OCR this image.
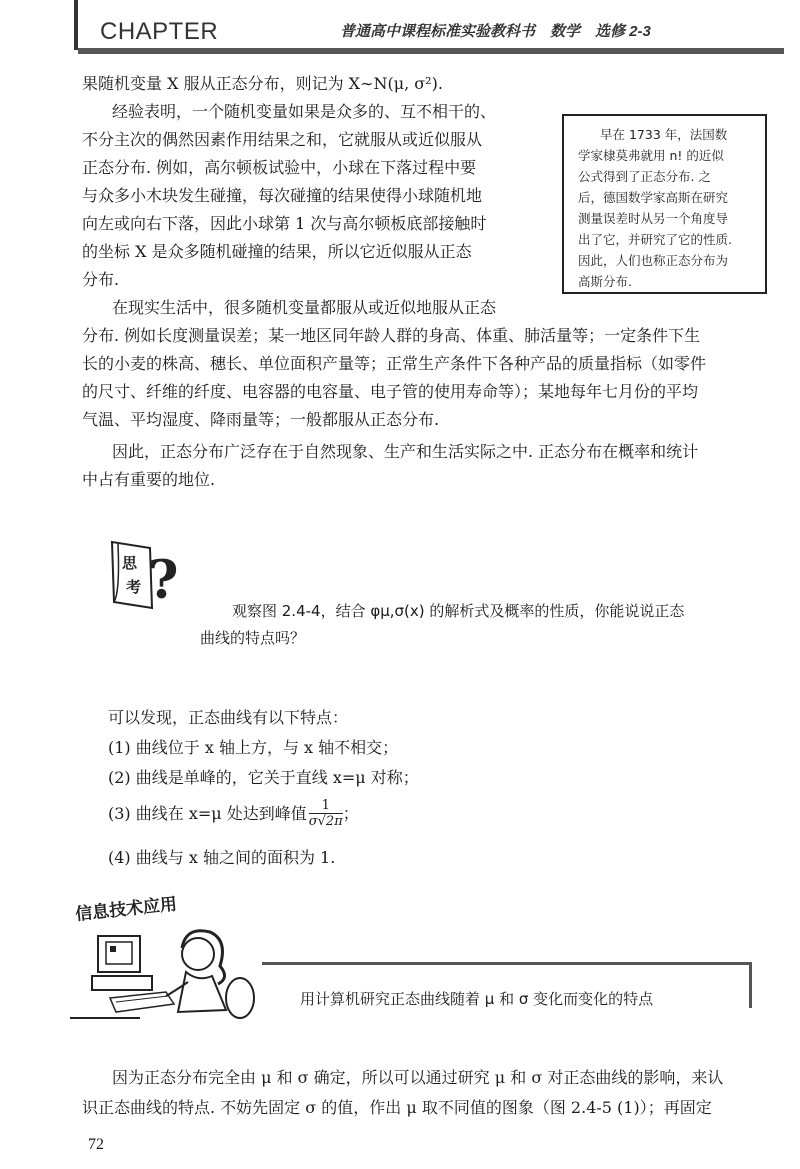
CHAPTER	普通高中课程标准实验教科书　数学　选修 2-3

果随机变量 X 服从正态分布，则记为 X∼N(μ, σ²).

经验表明，一个随机变量如果是众多的、互不相干的、

不分主次的偶然因素作用结果之和，它就服从或近似服从

正态分布. 例如，高尔顿板试验中，小球在下落过程中要

与众多小木块发生碰撞，每次碰撞的结果使得小球随机地

向左或向右下落，因此小球第 1 次与高尔顿板底部接触时

的坐标 X 是众多随机碰撞的结果，所以它近似服从正态

分布.

早在 1733 年，法国数
学家棣莫弗就用 n! 的近似
公式得到了正态分布. 之
后，德国数学家高斯在研究
测量误差时从另一个角度导
出了它，并研究了它的性质.
因此，人们也称正态分布为
高斯分布.

在现实生活中，很多随机变量都服从或近似地服从正态

分布. 例如长度测量误差；某一地区同年龄人群的身高、体重、肺活量等；一定条件下生

长的小麦的株高、穗长、单位面积产量等；正常生产条件下各种产品的质量指标（如零件

的尺寸、纤维的纤度、电容器的电容量、电子管的使用寿命等）；某地每年七月份的平均

气温、平均湿度、降雨量等；一般都服从正态分布.

因此，正态分布广泛存在于自然现象、生产和生活实际之中. 正态分布在概率和统计

中占有重要的地位.

思
考 ?	观察图 2.4-4，结合 φμ,σ(x) 的解析式及概率的性质，你能说说正态
曲线的特点吗？

可以发现，正态曲线有以下特点：

(1) 曲线位于 x 轴上方，与 x 轴不相交；

(2) 曲线是单峰的，它关于直线 x=μ 对称；

(3) 曲线在 x=μ 处达到峰值 $\frac{1}{\sigma√2\pi}$ ；

(4) 曲线与 x 轴之间的面积为 1.

信息技术应用
用计算机研究正态曲线随着 μ 和 σ 变化而变化的特点

因为正态分布完全由 μ 和 σ 确定，所以可以通过研究 μ 和 σ 对正态曲线的影响，来认

识正态曲线的特点. 不妨先固定 σ 的值，作出 μ 取不同值的图象（图 2.4-5 (1)）；再固定

72
